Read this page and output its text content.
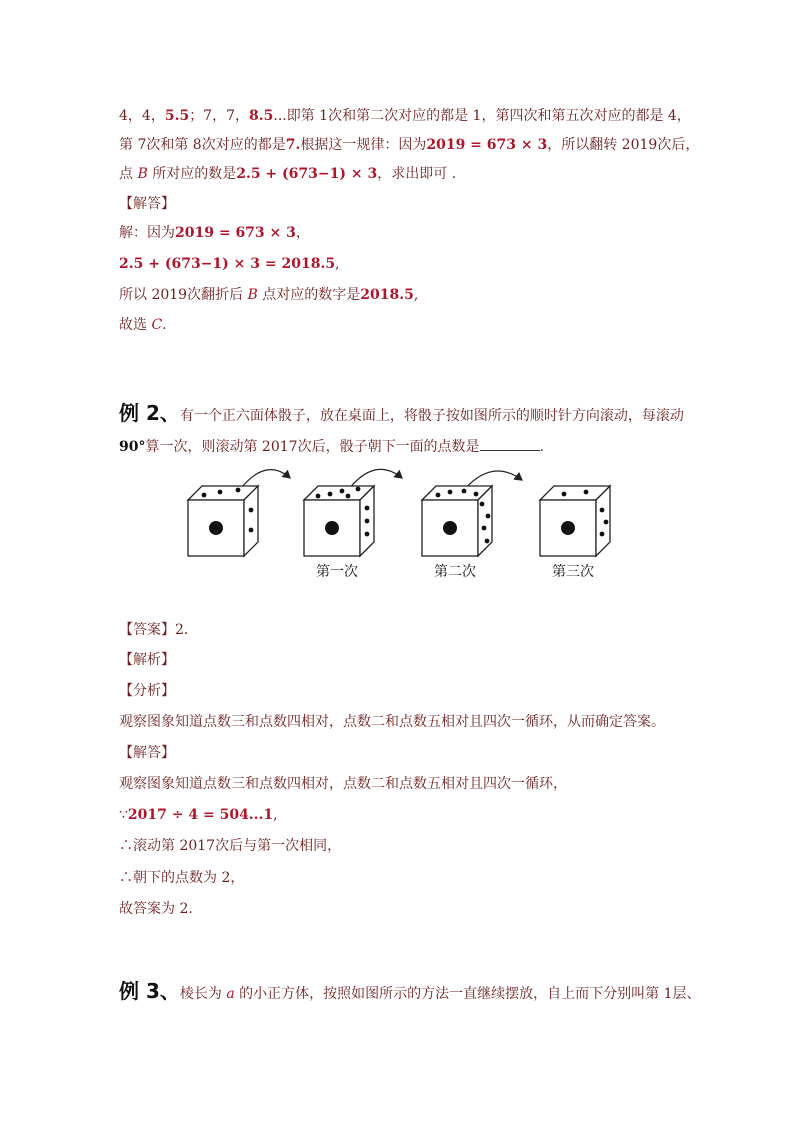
4，4，5.5；7，7，8.5...即第 1次和第二次对应的都是 1，第四次和第五次对应的都是 4，
第 7次和第 8次对应的都是7.根据这一规律：因为2019 = 673 × 3，所以翻转 2019次后，
点 B 所对应的数是2.5 + (673−1) × 3，求出即可 .
【解答】
解：因为2019 = 673 × 3，
2.5 + (673−1) × 3 = 2018.5,
所以 2019次翻折后 B 点对应的数字是2018.5,
故选 C.
例 2、有一个正六面体骰子，放在桌面上，将骰子按如图所示的顺时针方向滚动，每滚动
90°算一次，则滚动第 2017次后，骰子朝下一面的点数是	.
第一次	第二次	第三次
【答案】2.
【解析】
【分析】
观察图象知道点数三和点数四相对，点数二和点数五相对且四次一循环，从而确定答案。
【解答】
观察图象知道点数三和点数四相对，点数二和点数五相对且四次一循环，
∵2017 ÷ 4 = 504...1,
∴滚动第 2017次后与第一次相同，
∴朝下的点数为 2，
故答案为 2.
例 3、棱长为 a 的小正方体，按照如图所示的方法一直继续摆放，自上而下分别叫第 1层、
